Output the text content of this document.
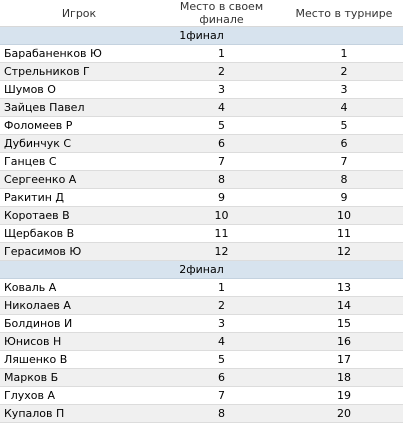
Игрок	Место в своем финале	Место в турнире
1финал		
Барабаненков Ю	1	1
Стрельников Г	2	2
Шумов О	3	3
Зайцев Павел	4	4
Фоломеев Р	5	5
Дубинчук С	6	6
Ганцев С	7	7
Сергеенко А	8	8
Ракитин Д	9	9
Коротаев В	10	10
Щербаков В	11	11
Герасимов Ю	12	12
2финал		
Коваль А	1	13
Николаев А	2	14
Болдинов И	3	15
Юнисов Н	4	16
Ляшенко В	5	17
Марков Б	6	18
Глухов А	7	19
Купалов П	8	20
